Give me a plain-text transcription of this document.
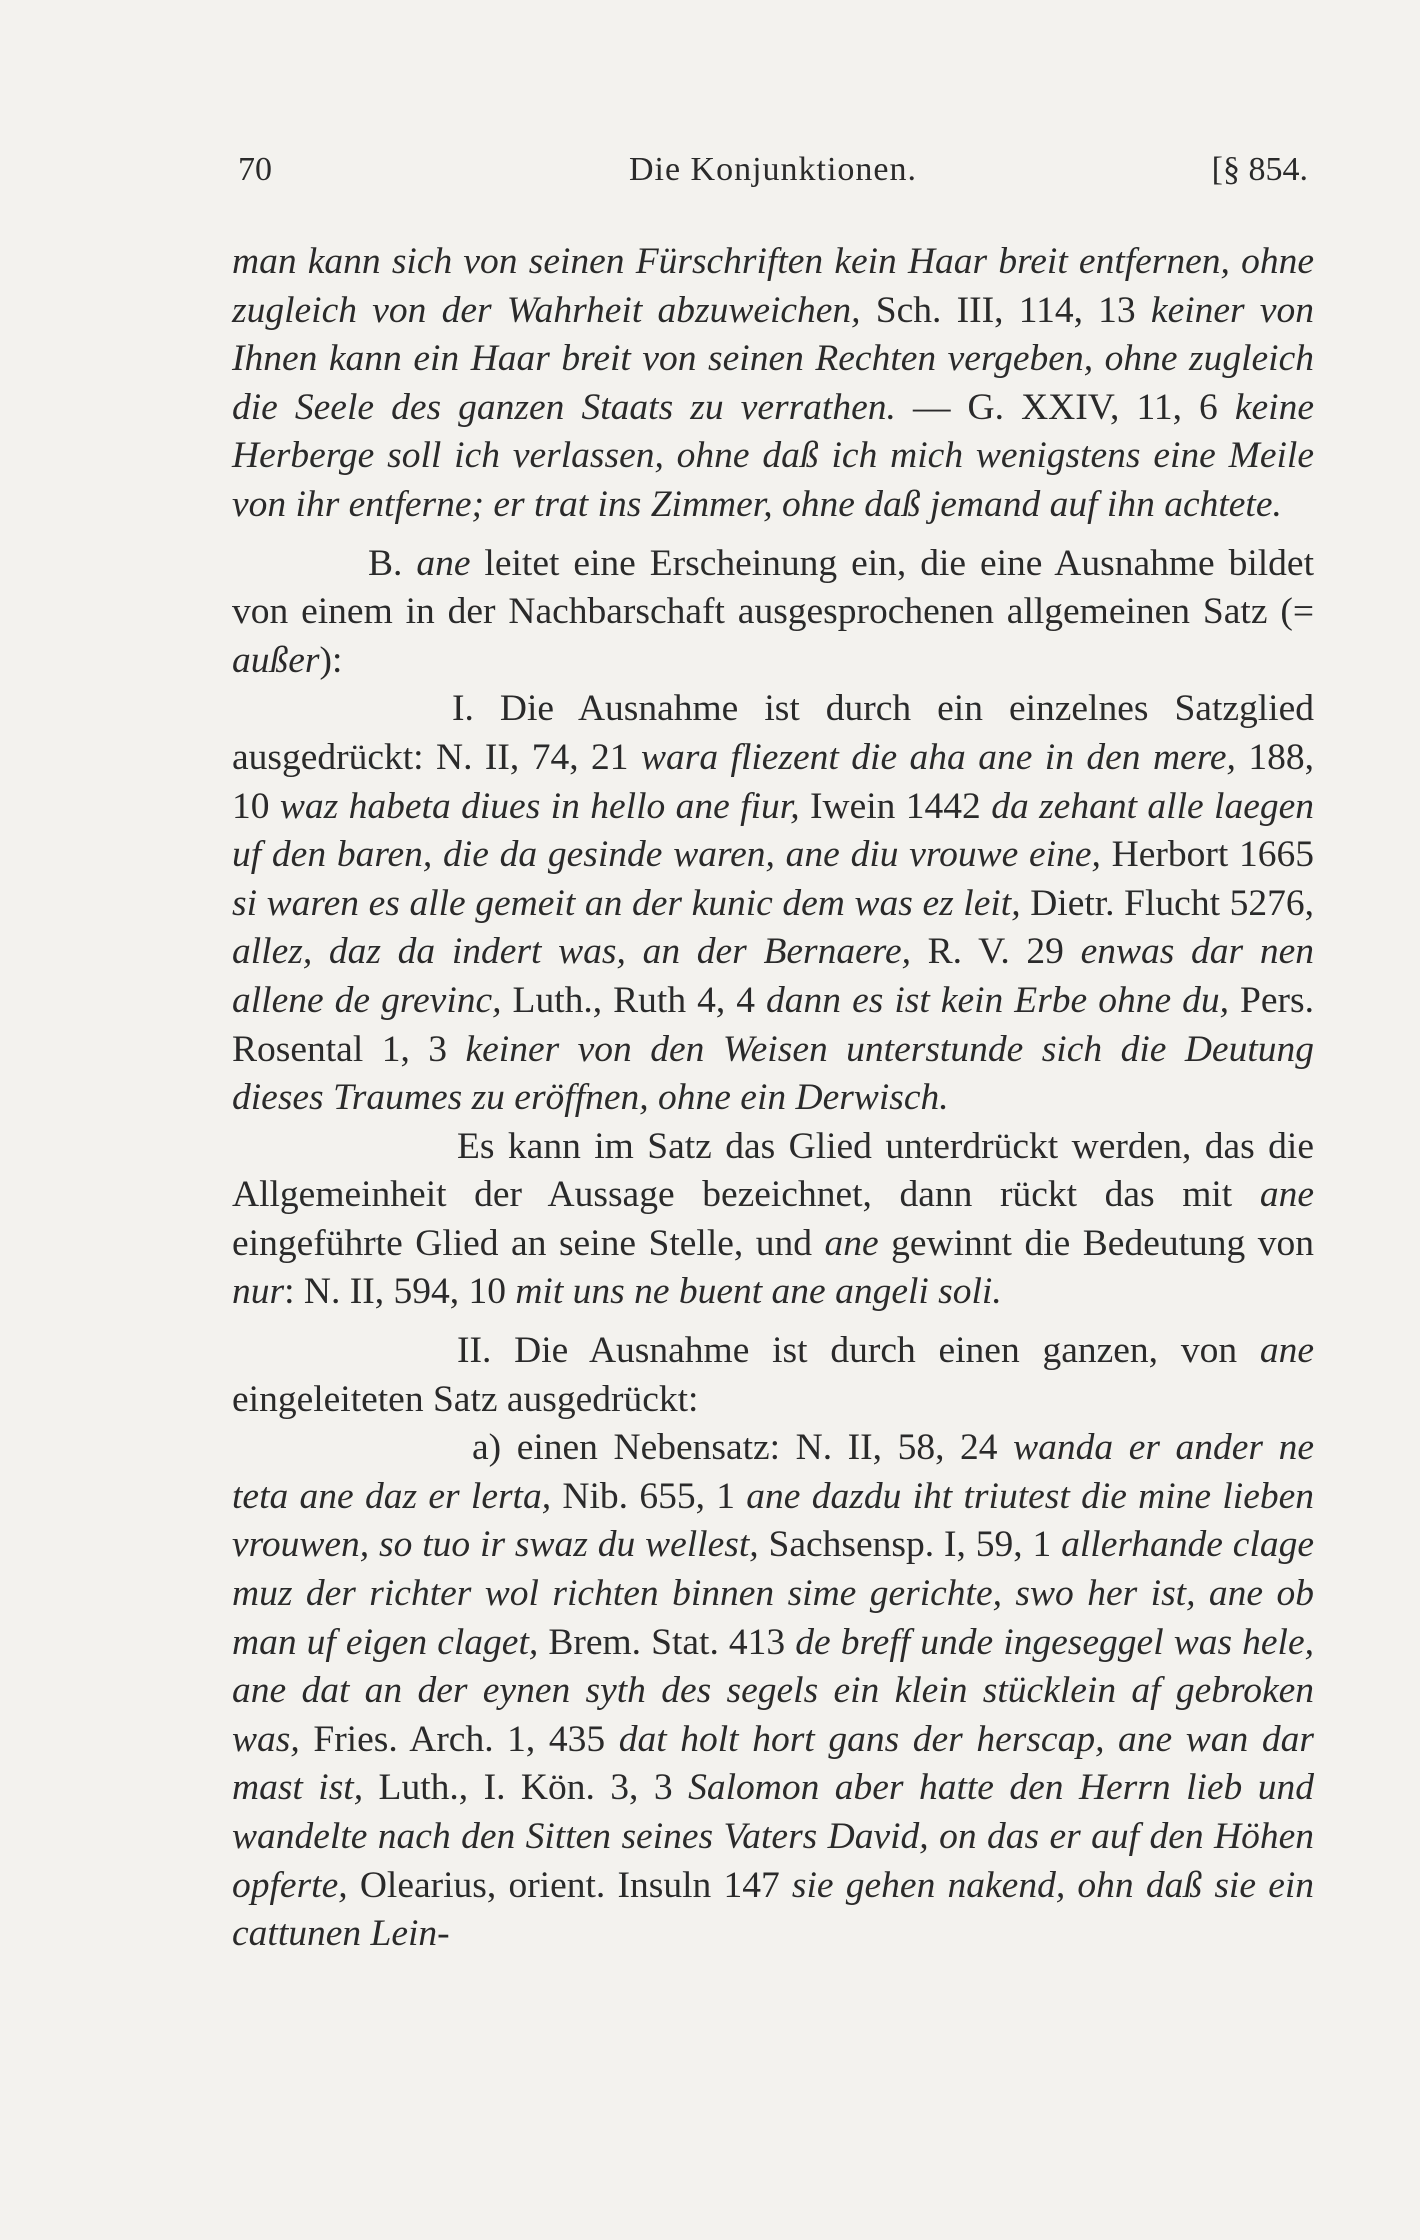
70	Die Konjunktionen.	[§ 854.

man kann sich von seinen Fürschriften kein Haar breit entfernen, ohne zugleich von der Wahrheit abzuweichen, Sch. III, 114, 13 keiner von Ihnen kann ein Haar breit von seinen Rechten vergeben, ohne zugleich die Seele des ganzen Staats zu verrathen. — G. XXIV, 11, 6 keine Herberge soll ich verlassen, ohne daß ich mich wenigstens eine Meile von ihr entferne; er trat ins Zimmer, ohne daß jemand auf ihn achtete.

B. ane leitet eine Erscheinung ein, die eine Ausnahme bildet von einem in der Nachbarschaft ausgesprochenen allgemeinen Satz (= außer):

I. Die Ausnahme ist durch ein einzelnes Satzglied ausgedrückt: N. II, 74, 21 wara fliezent die aha ane in den mere, 188, 10 waz habeta diues in hello ane fiur, Iwein 1442 da zehant alle laegen uf den baren, die da gesinde waren, ane diu vrouwe eine, Herbort 1665 si waren es alle gemeit an der kunic dem was ez leit, Dietr. Flucht 5276, allez, daz da indert was, an der Bernaere, R. V. 29 enwas dar nen allene de grevinc, Luth., Ruth 4, 4 dann es ist kein Erbe ohne du, Pers. Rosental 1, 3 keiner von den Weisen unterstunde sich die Deutung dieses Traumes zu eröffnen, ohne ein Derwisch.

Es kann im Satz das Glied unterdrückt werden, das die Allgemeinheit der Aussage bezeichnet, dann rückt das mit ane eingeführte Glied an seine Stelle, und ane gewinnt die Bedeutung von nur: N. II, 594, 10 mit uns ne buent ane angeli soli.

II. Die Ausnahme ist durch einen ganzen, von ane eingeleiteten Satz ausgedrückt:

a) einen Nebensatz: N. II, 58, 24 wanda er ander ne teta ane daz er lerta, Nib. 655, 1 ane dazdu iht triutest die mine lieben vrouwen, so tuo ir swaz du wellest, Sachsensp. I, 59, 1 allerhande clage muz der richter wol richten binnen sime gerichte, swo her ist, ane ob man uf eigen claget, Brem. Stat. 413 de breff unde ingeseggel was hele, ane dat an der eynen syth des segels ein klein stücklein af gebroken was, Fries. Arch. 1, 435 dat holt hort gans der herscap, ane wan dar mast ist, Luth., I. Kön. 3, 3 Salomon aber hatte den Herrn lieb und wandelte nach den Sitten seines Vaters David, on das er auf den Höhen opferte, Olearius, orient. Insuln 147 sie gehen nakend, ohn daß sie ein cattunen Lein-
